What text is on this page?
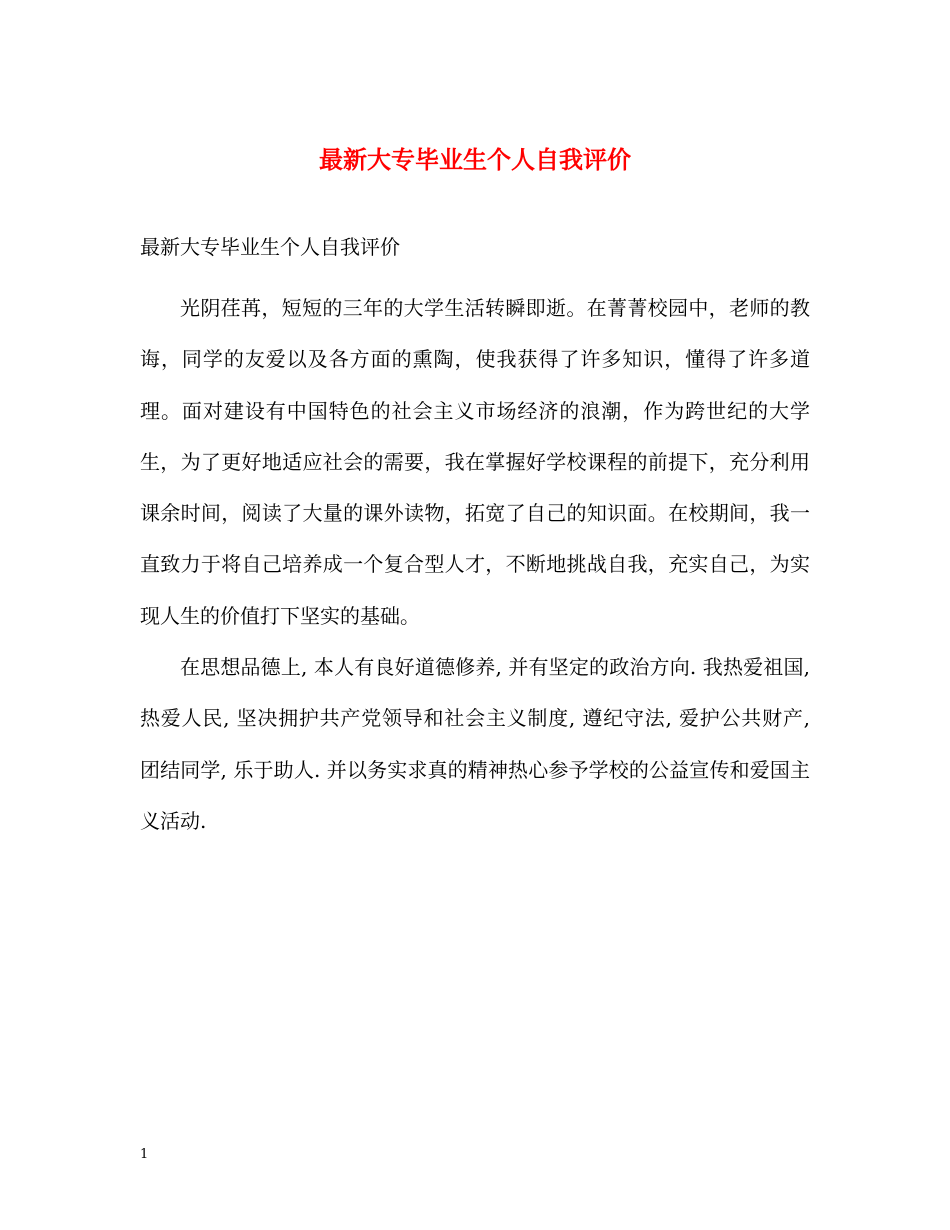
最新大专毕业生个人自我评价

最新大专毕业生个人自我评价

光阴荏苒，短短的三年的大学生活转瞬即逝。在菁菁校园中，老师的教诲，同学的友爱以及各方面的熏陶，使我获得了许多知识，懂得了许多道理。面对建设有中国特色的社会主义市场经济的浪潮，作为跨世纪的大学生，为了更好地适应社会的需要，我在掌握好学校课程的前提下，充分利用课余时间，阅读了大量的课外读物，拓宽了自己的知识面。在校期间，我一直致力于将自己培养成一个复合型人才，不断地挑战自我，充实自己，为实现人生的价值打下坚实的基础。

在思想品德上, 本人有良好道德修养, 并有坚定的政治方向. 我热爱祖国, 热爱人民, 坚决拥护共产党领导和社会主义制度, 遵纪守法, 爱护公共财产, 团结同学, 乐于助人. 并以务实求真的精神热心参予学校的公益宣传和爱国主义活动.

1
